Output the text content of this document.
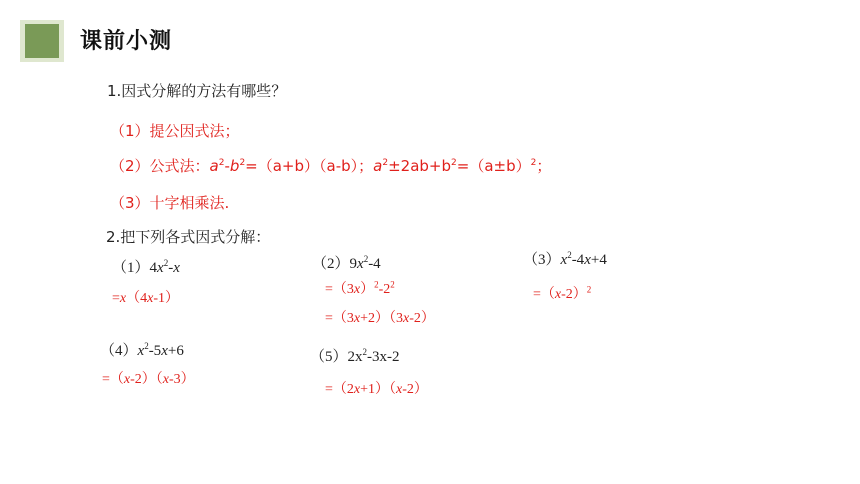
课前小测
1.因式分解的方法有哪些？
（1）提公因式法；
（2）公式法：$a^2-b^2=(a+b)(a-b)$；$a^2\pm 2ab+b^2=(a\pm b)^2$；
（3）十字相乘法.
2.把下列各式因式分解：
$(1)4x^2-x$
=x（4x-1）
$(2)9x^2-4$
$=(3x)^2-2^2$
=（3x+2）（3x-2）
$(3)x^2-4x+4$
$=(x-2)^2$
$(4)x^2-5x+6$
=（x-2）（x-3）
$(5)2x^2-3x-2$
=（2x+1）（x-2）
